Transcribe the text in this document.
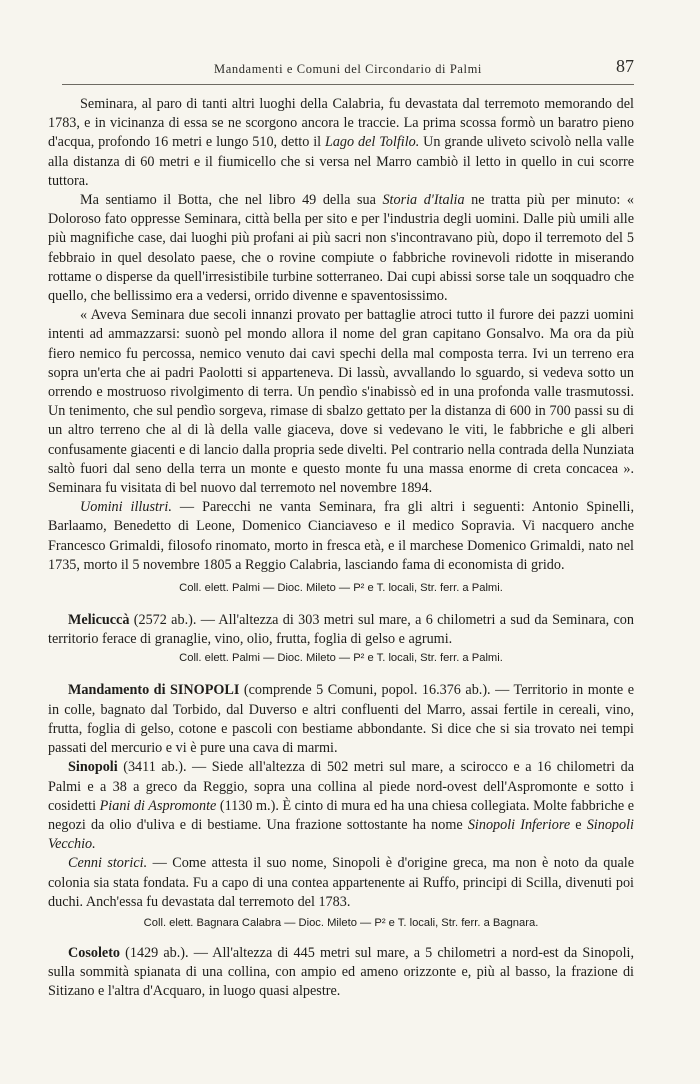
Mandamenti e Comuni del Circondario di Palmi	87

Seminara, al paro di tanti altri luoghi della Calabria, fu devastata dal terremoto memorando del 1783, e in vicinanza di essa se ne scorgono ancora le traccie. La prima scossa formò un baratro pieno d'acqua, profondo 16 metri e lungo 510, detto il Lago del Tolfilo. Un grande uliveto scivolò nella valle alla distanza di 60 metri e il fiumicello che si versa nel Marro cambiò il letto in quello in cui scorre tuttora.

Ma sentiamo il Botta, che nel libro 49 della sua Storia d'Italia ne tratta più per minuto: « Doloroso fato oppresse Seminara, città bella per sito e per l'industria degli uomini. Dalle più umili alle più magnifiche case, dai luoghi più profani ai più sacri non s'incontravano più, dopo il terremoto del 5 febbraio in quel desolato paese, che o rovine compiute o fabbriche rovinevoli ridotte in miserando rottame o disperse da quell'irresistibile turbine sotterraneo. Dai cupi abissi sorse tale un soqquadro che quello, che bellissimo era a vedersi, orrido divenne e spaventosissimo.

« Aveva Seminara due secoli innanzi provato per battaglie atroci tutto il furore dei pazzi uomini intenti ad ammazzarsi: suonò pel mondo allora il nome del gran capitano Gonsalvo. Ma ora da più fiero nemico fu percossa, nemico venuto dai cavi spechi della mal composta terra. Ivi un terreno era sopra un'erta che ai padri Paolotti si apparteneva. Di lassù, avvallando lo sguardo, si vedeva sotto un orrendo e mostruoso rivolgimento di terra. Un pendìo s'inabissò ed in una profonda valle trasmutossi. Un tenimento, che sul pendìo sorgeva, rimase di sbalzo gettato per la distanza di 600 in 700 passi su di un altro terreno che al di là della valle giaceva, dove si vedevano le viti, le fabbriche e gli alberi confusamente giacenti e di lancio dalla propria sede divelti. Pel contrario nella contrada della Nunziata saltò fuori dal seno della terra un monte e questo monte fu una massa enorme di creta concacea ». Seminara fu visitata di bel nuovo dal terremoto nel novembre 1894.

Uomini illustri. — Parecchi ne vanta Seminara, fra gli altri i seguenti: Antonio Spinelli, Barlaamo, Benedetto di Leone, Domenico Cianciaveso e il medico Sopravia. Vi nacquero anche Francesco Grimaldi, filosofo rinomato, morto in fresca età, e il marchese Domenico Grimaldi, nato nel 1735, morto il 5 novembre 1805 a Reggio Calabria, lasciando fama di economista di grido.

Coll. elett. Palmi — Dioc. Mileto — P² e T. locali, Str. ferr. a Palmi.

Melicuccà (2572 ab.). — All'altezza di 303 metri sul mare, a 6 chilometri a sud da Seminara, con territorio ferace di granaglie, vino, olio, frutta, foglia di gelso e agrumi.

Coll. elett. Palmi — Dioc. Mileto — P² e T. locali, Str. ferr. a Palmi.

Mandamento di SINOPOLI (comprende 5 Comuni, popol. 16.376 ab.). — Territorio in monte e in colle, bagnato dal Torbido, dal Duverso e altri confluenti del Marro, assai fertile in cereali, vino, frutta, foglia di gelso, cotone e pascoli con bestiame abbondante. Si dice che si sia trovato nei tempi passati del mercurio e vi è pure una cava di marmi.

Sinopoli (3411 ab.). — Siede all'altezza di 502 metri sul mare, a scirocco e a 16 chilometri da Palmi e a 38 a greco da Reggio, sopra una collina al piede nord-ovest dell'Aspromonte e sotto i cosidetti Piani di Aspromonte (1130 m.). È cinto di mura ed ha una chiesa collegiata. Molte fabbriche e negozi da olio d'uliva e di bestiame. Una frazione sottostante ha nome Sinopoli Inferiore e Sinopoli Vecchio.

Cenni storici. — Come attesta il suo nome, Sinopoli è d'origine greca, ma non è noto da quale colonia sia stata fondata. Fu a capo di una contea appartenente ai Ruffo, principi di Scilla, divenuti poi duchi. Anch'essa fu devastata dal terremoto del 1783.

Coll. elett. Bagnara Calabra — Dioc. Mileto — P² e T. locali, Str. ferr. a Bagnara.

Cosoleto (1429 ab.). — All'altezza di 445 metri sul mare, a 5 chilometri a nord-est da Sinopoli, sulla sommità spianata di una collina, con ampio ed ameno orizzonte e, più al basso, la frazione di Sitizano e l'altra d'Acquaro, in luogo quasi alpestre.
